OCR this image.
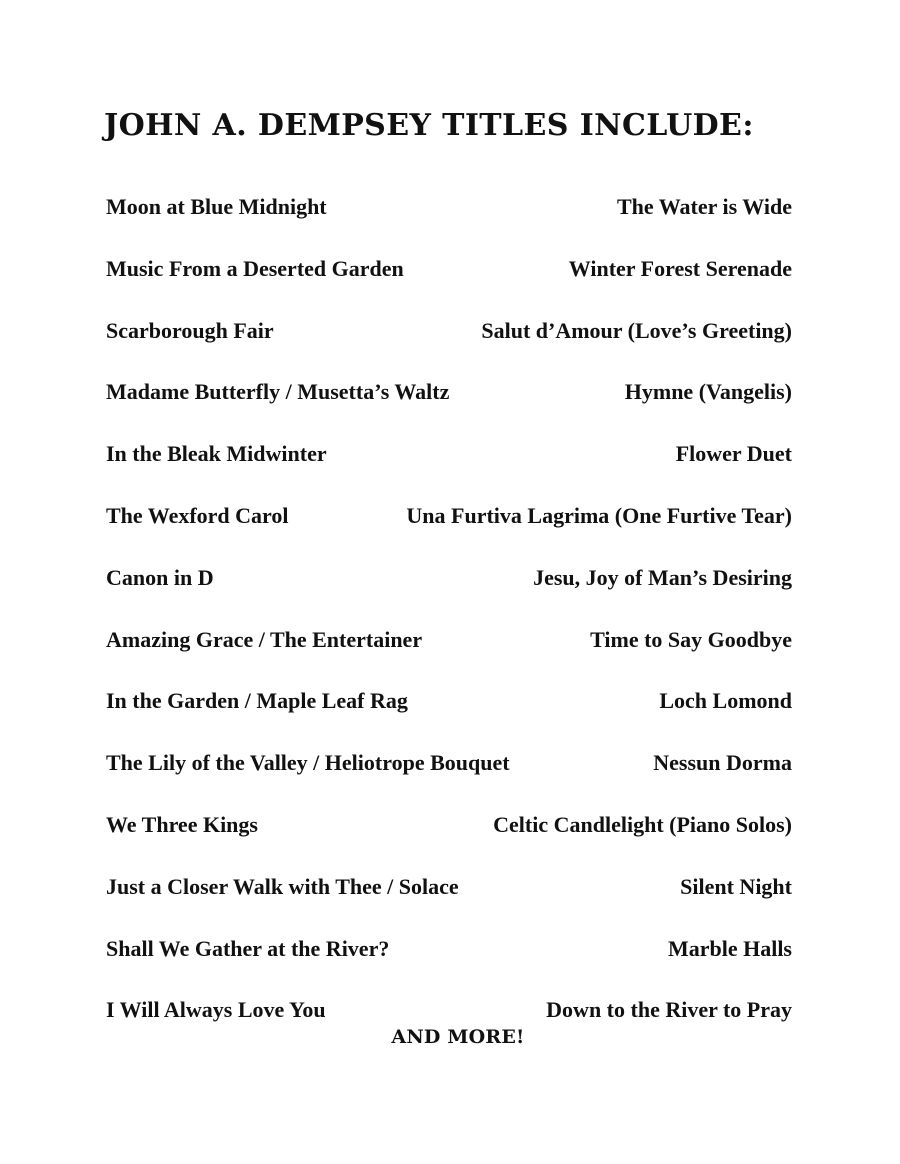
JOHN A. DEMPSEY TITLES INCLUDE:
Moon at Blue Midnight	The Water is Wide
Music From a Deserted Garden	Winter Forest Serenade
Scarborough Fair	Salut d’Amour (Love’s Greeting)
Madame Butterfly / Musetta’s Waltz	Hymne (Vangelis)
In the Bleak Midwinter	Flower Duet
The Wexford Carol	Una Furtiva Lagrima (One Furtive Tear)
Canon in D	Jesu, Joy of Man’s Desiring
Amazing Grace / The Entertainer	Time to Say Goodbye
In the Garden / Maple Leaf Rag	Loch Lomond
The Lily of the Valley / Heliotrope Bouquet	Nessun Dorma
We Three Kings	Celtic Candlelight (Piano Solos)
Just a Closer Walk with Thee / Solace	Silent Night
Shall We Gather at the River?	Marble Halls
I Will Always Love You	Down to the River to Pray

AND MORE!
